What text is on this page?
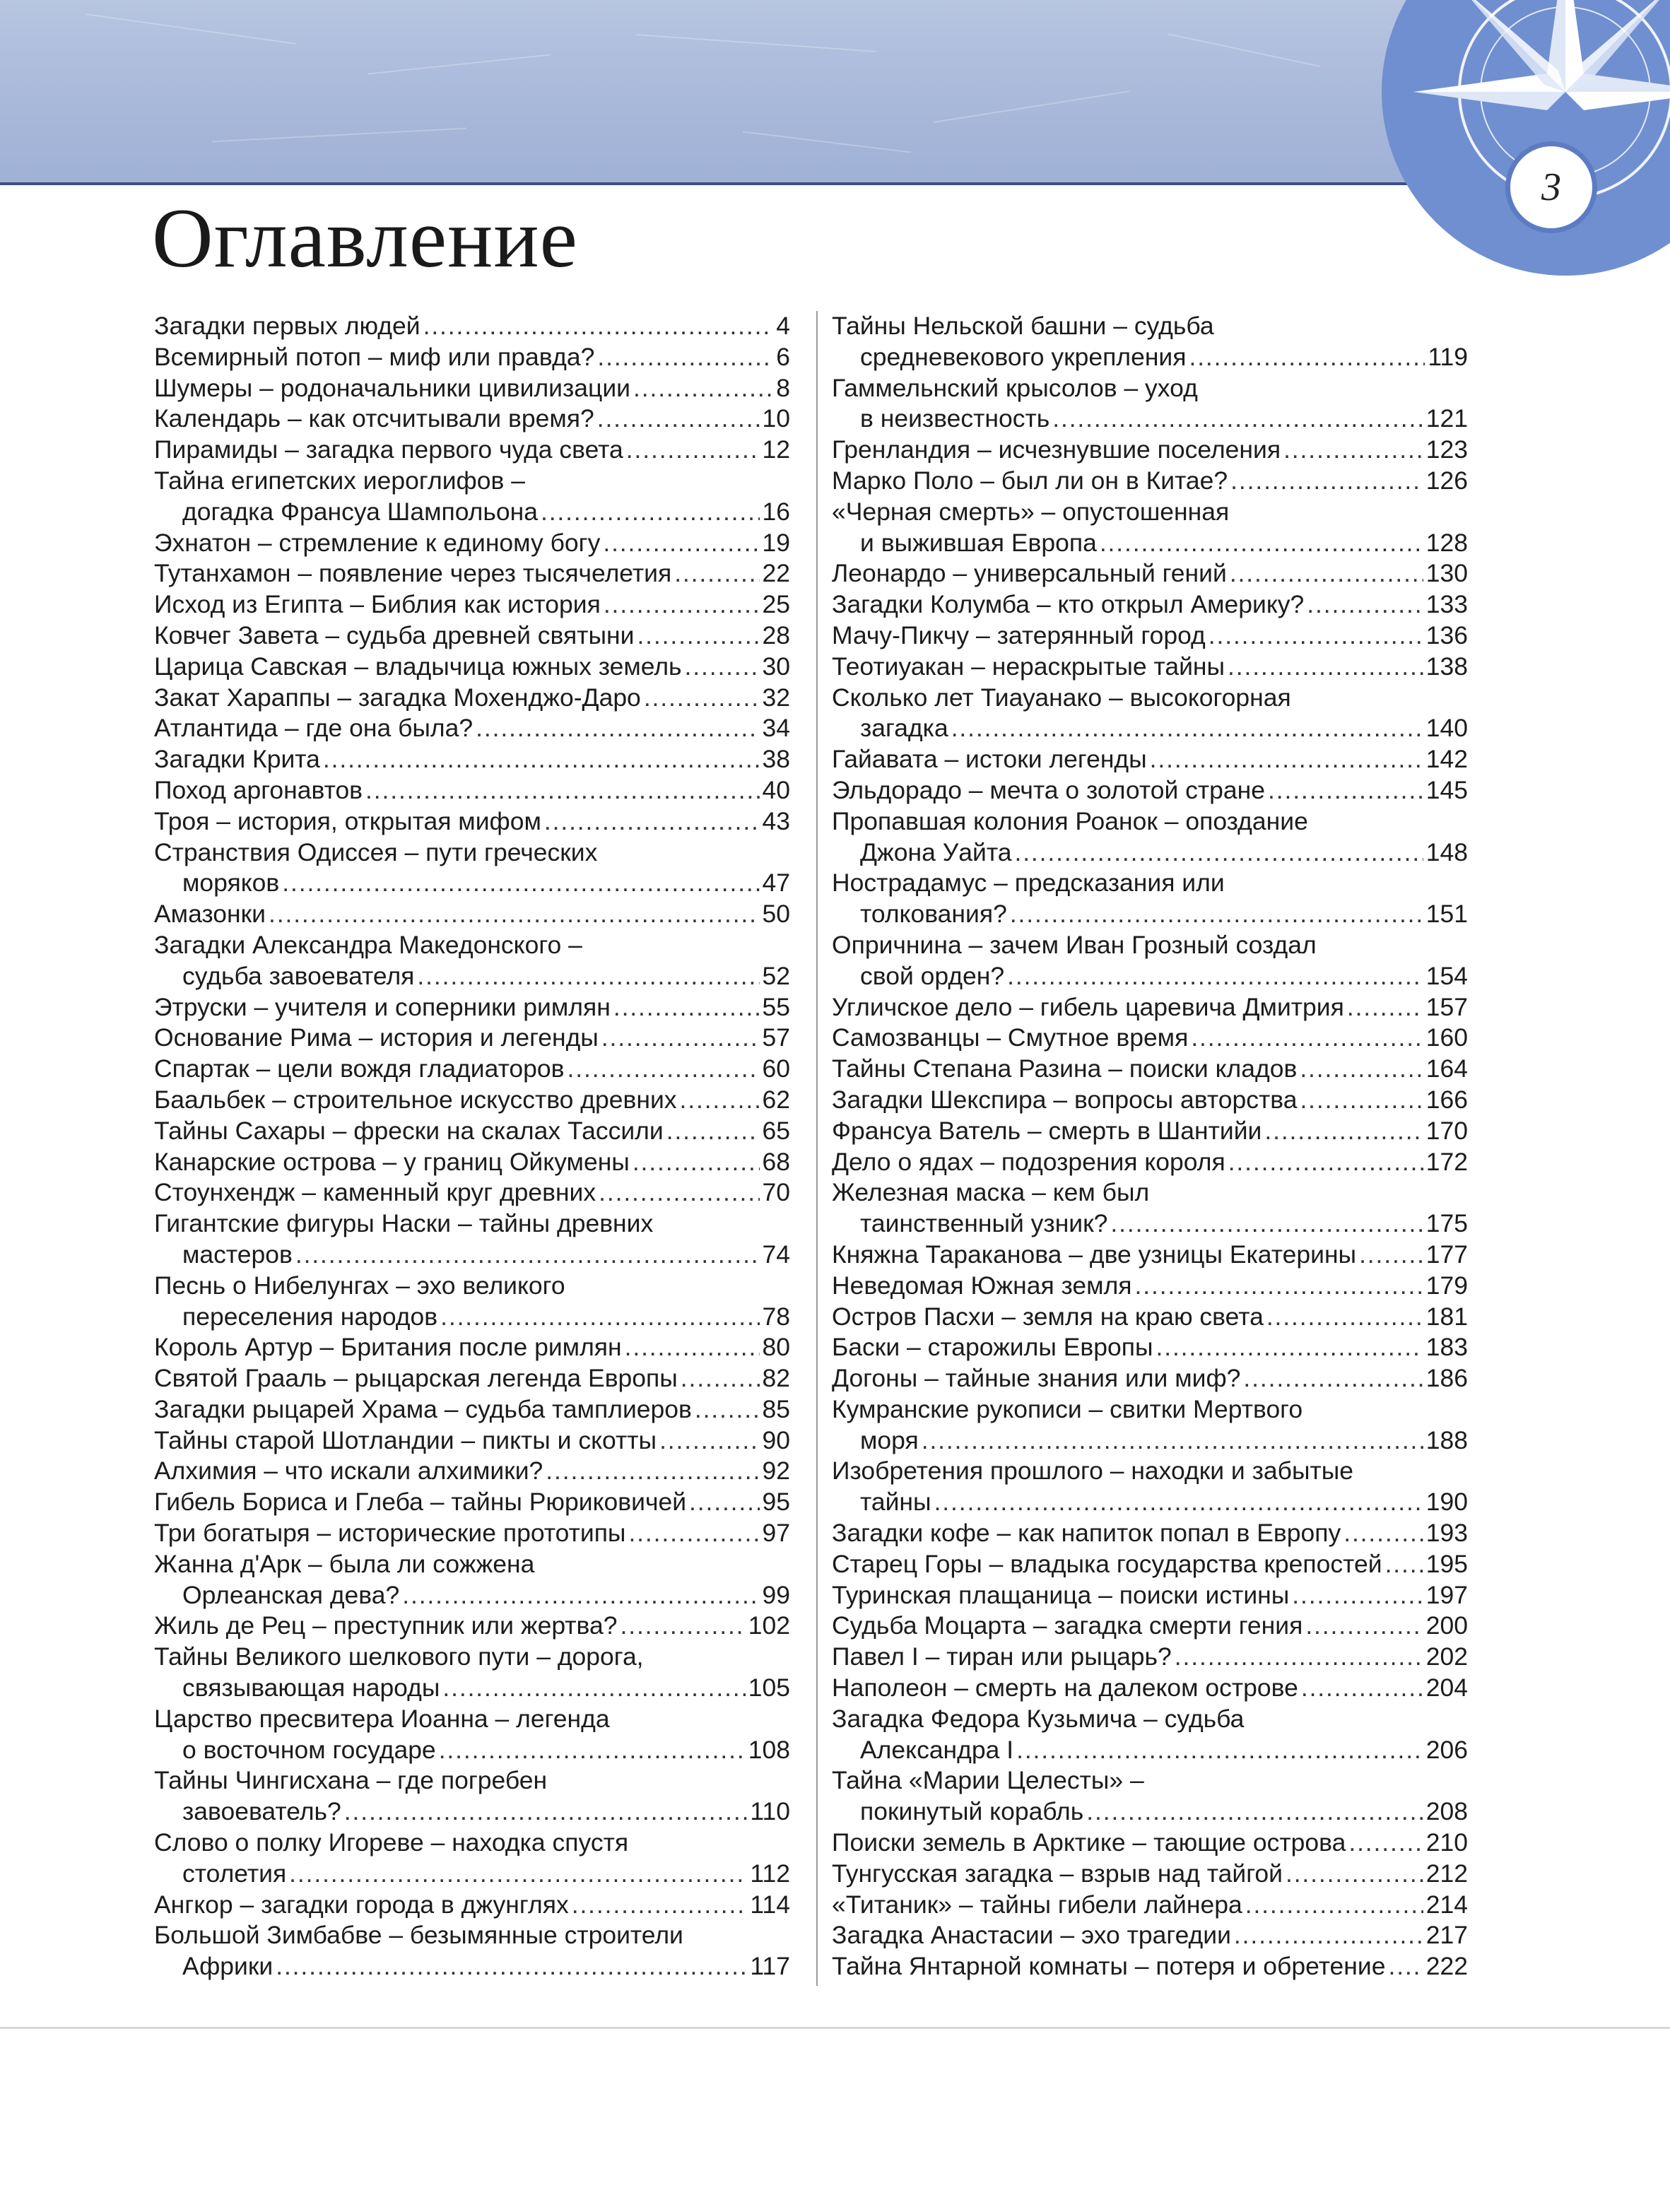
3
Оглавление
Загадки первых людей . . .	4
Всемирный потоп – миф или правда? . . .	6
Шумеры – родоначальники цивилизации . . .	8
Календарь – как отсчитывали время? . . .	10
Пирамиды – загадка первого чуда света . . .	12
Тайна египетских иероглифов –
догадка Франсуа Шампольона . . .	16
Эхнатон – стремление к единому богу . . .	19
Тутанхамон – появление через тысячелетия . . .	22
Исход из Египта – Библия как история . . .	25
Ковчег Завета – судьба древней святыни . . .	28
Царица Савская – владычица южных земель . . .	30
Закат Хараппы – загадка Мохенджо-Даро . . .	32
Атлантида – где она была? . . .	34
Загадки Крита . . .	38
Поход аргонавтов . . .	40
Троя – история, открытая мифом . . .	43
Странствия Одиссея – пути греческих
моряков . . .	47
Амазонки . . .	50
Загадки Александра Македонского –
судьба завоевателя . . .	52
Этруски – учителя и соперники римлян . . .	55
Основание Рима – история и легенды . . .	57
Спартак – цели вождя гладиаторов . . .	60
Баальбек – строительное искусство древних . . .	62
Тайны Сахары – фрески на скалах Тассили . . .	65
Канарские острова – у границ Ойкумены . . .	68
Стоунхендж – каменный круг древних . . .	70
Гигантские фигуры Наски – тайны древних
мастеров . . .	74
Песнь о Нибелунгах – эхо великого
переселения народов . . .	78
Король Артур – Британия после римлян . . .	80
Святой Грааль – рыцарская легенда Европы . . .	82
Загадки рыцарей Храма – судьба тамплиеров . . .	85
Тайны старой Шотландии – пикты и скотты . . .	90
Алхимия – что искали алхимики? . . .	92
Гибель Бориса и Глеба – тайны Рюриковичей . . .	95
Три богатыря – исторические прототипы . . .	97
Жанна д'Арк – была ли сожжена
Орлеанская дева? . . .	99
Жиль де Рец – преступник или жертва? . . .	102
Тайны Великого шелкового пути – дорога,
связывающая народы . . .	105
Царство пресвитера Иоанна – легенда
о восточном государе . . .	108
Тайны Чингисхана – где погребен
завоеватель? . . .	110
Слово о полку Игореве – находка спустя
столетия . . .	112
Ангкор – загадки города в джунглях . . .	114
Большой Зимбабве – безымянные строители
Африки . . .	117
Тайны Нельской башни – судьба
средневекового укрепления . . .	119
Гаммельнский крысолов – уход
в неизвестность . . .	121
Гренландия – исчезнувшие поселения . . .	123
Марко Поло – был ли он в Китае? . . .	126
«Черная смерть» – опустошенная
и выжившая Европа . . .	128
Леонардо – универсальный гений . . .	130
Загадки Колумба – кто открыл Америку? . . .	133
Мачу-Пикчу – затерянный город . . .	136
Теотиуакан – нераскрытые тайны . . .	138
Сколько лет Тиауанако – высокогорная
загадка . . .	140
Гайавата – истоки легенды . . .	142
Эльдорадо – мечта о золотой стране . . .	145
Пропавшая колония Роанок – опоздание
Джона Уайта . . .	148
Нострадамус – предсказания или
толкования? . . .	151
Опричнина – зачем Иван Грозный создал
свой орден? . . .	154
Угличское дело – гибель царевича Дмитрия . . .	157
Самозванцы – Смутное время . . .	160
Тайны Степана Разина – поиски кладов . . .	164
Загадки Шекспира – вопросы авторства . . .	166
Франсуа Ватель – смерть в Шантийи . . .	170
Дело о ядах – подозрения короля . . .	172
Железная маска – кем был
таинственный узник? . . .	175
Княжна Тараканова – две узницы Екатерины . . .	177
Неведомая Южная земля . . .	179
Остров Пасхи – земля на краю света . . .	181
Баски – старожилы Европы . . .	183
Догоны – тайные знания или миф? . . .	186
Кумранские рукописи – свитки Мертвого
моря . . .	188
Изобретения прошлого – находки и забытые
тайны . . .	190
Загадки кофе – как напиток попал в Европу . . .	193
Старец Горы – владыка государства крепостей . . . 195
Туринская плащаница – поиски истины . . .	197
Судьба Моцарта – загадка смерти гения . . .	200
Павел I – тиран или рыцарь? . . .	202
Наполеон – смерть на далеком острове . . .	204
Загадка Федора Кузьмича – судьба
Александра I . . .	206
Тайна «Марии Целесты» –
покинутый корабль . . .	208
Поиски земель в Арктике – тающие острова . . .	210
Тунгусская загадка – взрыв над тайгой . . .	212
«Титаник» – тайны гибели лайнера . . .	214
Загадка Анастасии – эхо трагедии . . .	217
Тайна Янтарной комнаты – потеря и обретение . . . 222
